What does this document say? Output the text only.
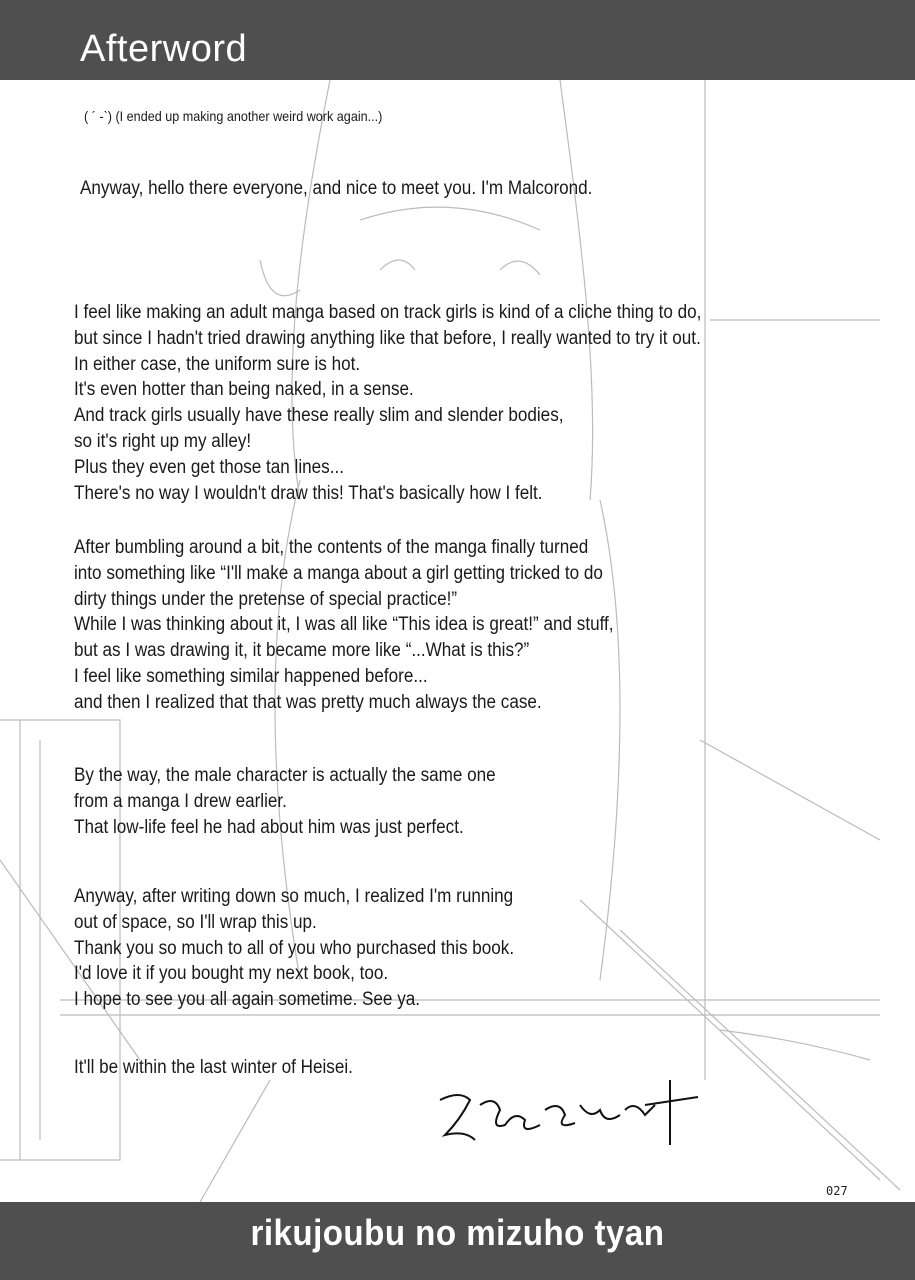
Afterword
( ´ -`) (I ended up making another weird work again...)
Anyway, hello there everyone, and nice to meet you. I'm Malcorond.
I feel like making an adult manga based on track girls is kind of a cliche thing to do,
but since I hadn't tried drawing anything like that before, I really wanted to try it out.
In either case, the uniform sure is hot.
It's even hotter than being naked, in a sense.
And track girls usually have these really slim and slender bodies,
so it's right up my alley!
Plus they even get those tan lines...
There's no way I wouldn't draw this! That's basically how I felt.
After bumbling around a bit, the contents of the manga finally turned
into something like “I'll make a manga about a girl getting tricked to do
dirty things under the pretense of special practice!”
While I was thinking about it, I was all like “This idea is great!” and stuff,
but as I was drawing it, it became more like “...What is this?”
I feel like something similar happened before...
and then I realized that that was pretty much always the case.
By the way, the male character is actually the same one
from a manga I drew earlier.
That low-life feel he had about him was just perfect.
Anyway, after writing down so much, I realized I'm running
out of space, so I'll wrap this up.
Thank you so much to all of you who purchased this book.
I'd love it if you bought my next book, too.
I hope to see you all again sometime. See ya.
It'll be within the last winter of Heisei.
027
rikujoubu no mizuho tyan
